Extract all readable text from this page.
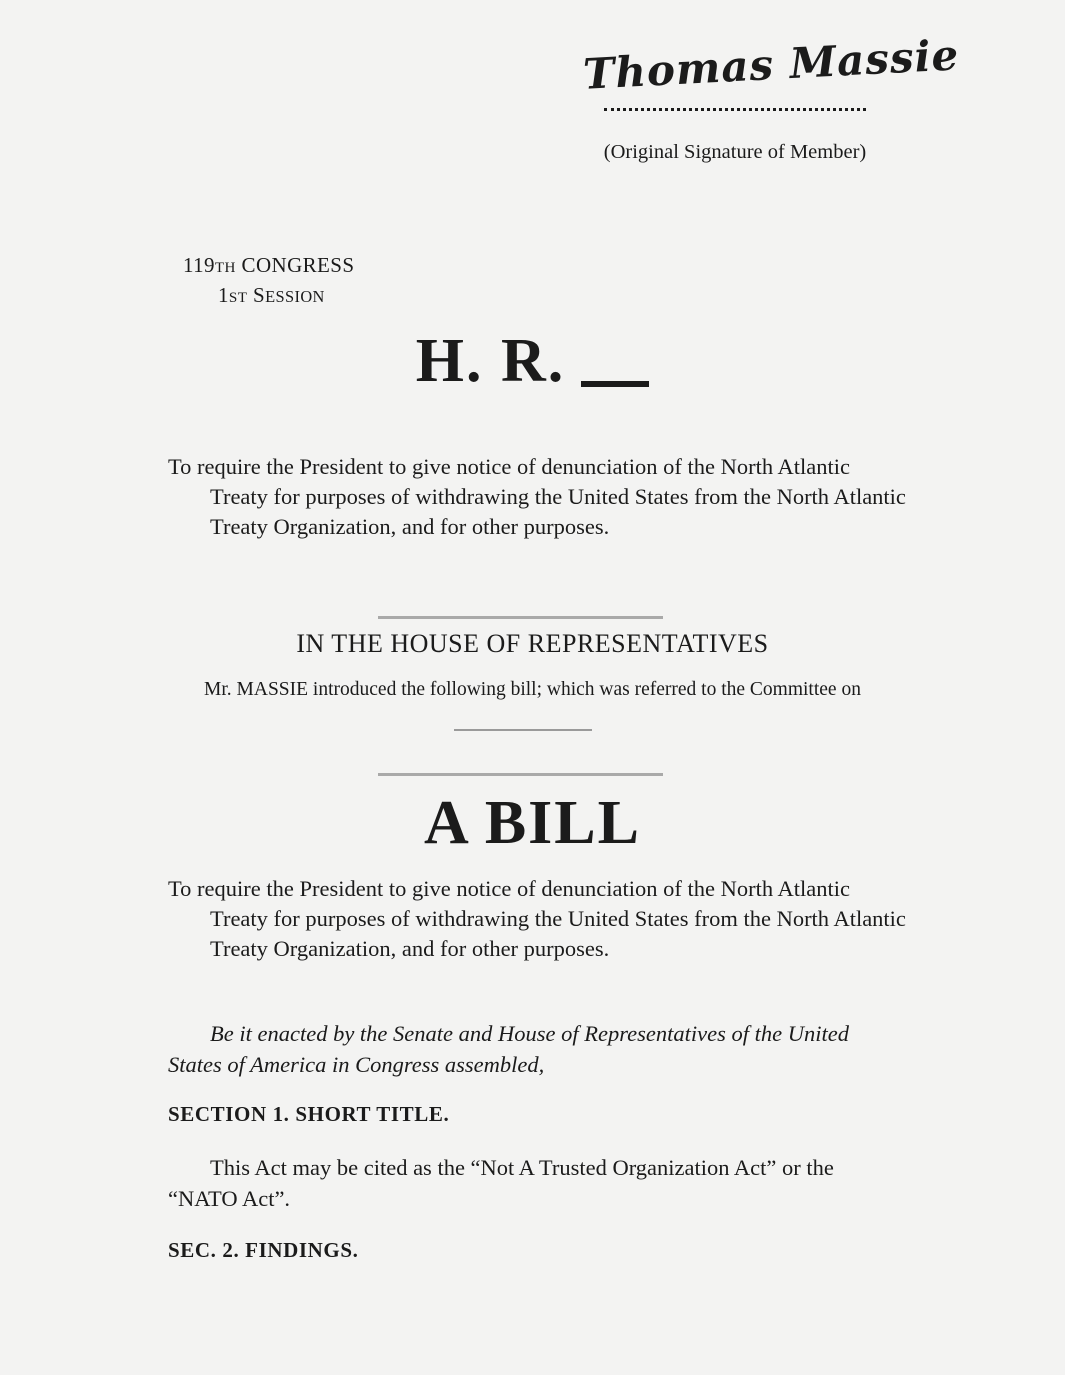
Thomas Massie
(Original Signature of Member)
119TH CONGRESS
1ST SESSION
H. R.
To require the President to give notice of denunciation of the North Atlantic Treaty for purposes of withdrawing the United States from the North Atlantic Treaty Organization, and for other purposes.
IN THE HOUSE OF REPRESENTATIVES
Mr. MASSIE introduced the following bill; which was referred to the Committee on
A BILL
To require the President to give notice of denunciation of the North Atlantic Treaty for purposes of withdrawing the United States from the North Atlantic Treaty Organization, and for other purposes.
Be it enacted by the Senate and House of Representatives of the United States of America in Congress assembled,
SECTION 1. SHORT TITLE.
This Act may be cited as the “Not A Trusted Organization Act” or the “NATO Act”.
SEC. 2. FINDINGS.
